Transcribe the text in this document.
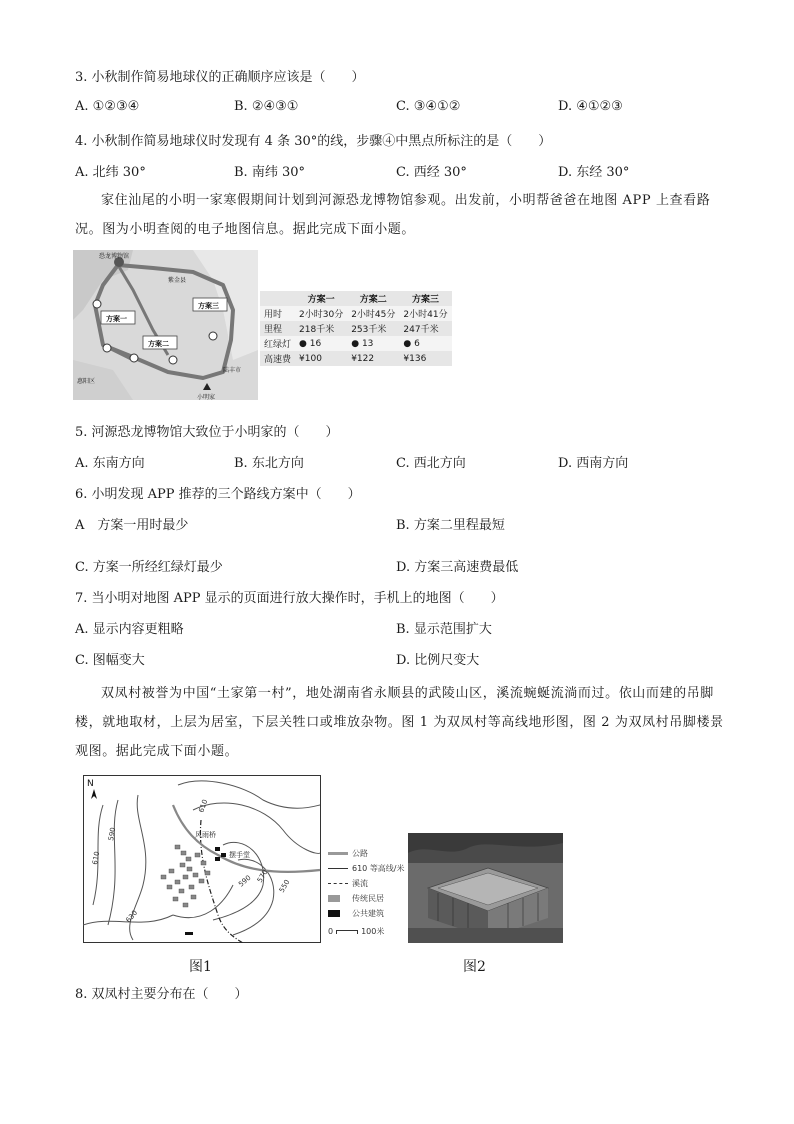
3. 小秋制作简易地球仪的正确顺序应该是（　　）
A. ①②③④	B. ②④③①	C. ③④①②	D. ④①②③
4. 小秋制作简易地球仪时发现有 4 条 30°的线，步骤④中黑点所标注的是（　　）
A. 北纬 30°	B. 南纬 30°	C. 西经 30°	D. 东经 30°
家住汕尾的小明一家寒假期间计划到河源恐龙博物馆参观。出发前，小明帮爸爸在地图 APP 上查看路况。图为小明查阅的电子地图信息。据此完成下面小题。
恐龙博物馆
紫金县
方案一
方案二
方案三
陆丰市
惠阳区
小明家
	方案一	方案二	方案三
用时	2小时30分	2小时45分	2小时41分
里程	218千米	253千米	247千米
红绿灯	● 16	● 13	● 6
高速费	¥100	¥122	¥136
5. 河源恐龙博物馆大致位于小明家的（　　）
A. 东南方向	B. 东北方向	C. 西北方向	D. 西南方向
6. 小明发现 APP 推荐的三个路线方案中（　　）
A　方案一用时最少	B. 方案二里程最短
C. 方案一所经红绿灯最少	D. 方案三高速费最低
7. 当小明对地图 APP 显示的页面进行放大操作时，手机上的地图（　　）
A. 显示内容更粗略	B. 显示范围扩大
C. 图幅变大	D. 比例尺变大
双凤村被誉为中国“土家第一村”，地处湖南省永顺县的武陵山区，溪流蜿蜒流淌而过。依山而建的吊脚楼，就地取材，上层为居室，下层关牲口或堆放杂物。图 1 为双凤村等高线地形图，图 2 为双凤村吊脚楼景观图。据此完成下面小题。
N
风雨桥
摆手堂
610
590
610
570
550
590
630
公路
610 等高线/米
溪流
传统民居
公共建筑
0	100米
图1	图2
8. 双凤村主要分布在（　　）
